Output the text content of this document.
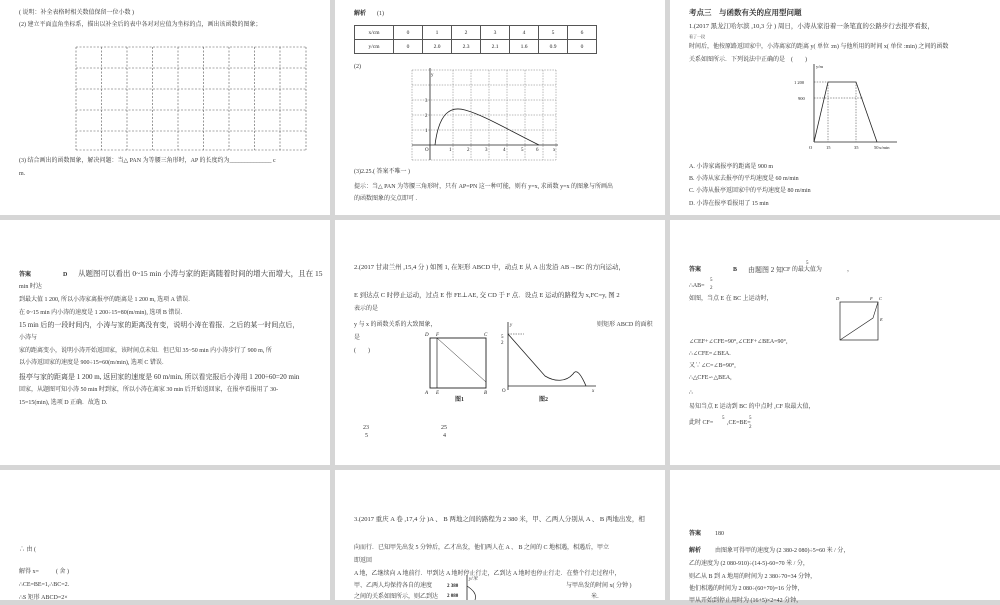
( 说明：补全表格时相关数值保留一位小数 )
(2) 建立平面直角坐标系，描出以补全后的表中各对对应值为坐标的点，画出该函数的图象；
(3) 结合画出的函数图象，解决问题：当△ PAN 为等腰三角形时，AP 的长度约为______________ c
m.
解析 (1)
x/cm	0	1	2	3	4	5	6
y/cm	0	2.0	2.3	2.1	1.6	0.9	0
(2)
y
x
O	1	2	3	4	5	6
1
2
3
(3)2.25.( 答案不唯一 )
提示：当△ PAN 为等腰三角形时，只有 AP=PN 这一种可能，则有 y=x, 求函数 y=x 的图象与所画出
的函数图象的交点即可 .
考点三　与函数有关的应用型问题
1.(2017 黑龙江哈尔滨 ,10,3 分 ) 周日，小涛从家沿着一条笔直的公路步行去报亭看报，
看了一段
时间后，他按原路返回家中，小涛离家的距离 y( 单位 :m) 与他所用的时间 x( 单位 :min) 之间的函数
关系如图所示．下列说法中正确的是　(　　)
y/m
x/min
1 200
900
O	15	35	50
A. 小涛家离报亭的距离是 900 m
B. 小涛从家去报亭的平均速度是 60 m/min
C. 小涛从报亭返回家中的平均速度是 80 m/min
D. 小涛在报亭看报用了 15 min
答案	D 从题图可以看出 0~15 min 小涛与家的距离随着时间的增大而增大，且在 15
min 时达
到最大值 1 200, 所以小涛家离报亭的距离是 1 200 m, 选项 A 错误．
在 0~15 min 内小涛的速度是 1 200÷15=80(m/min), 选项 B 错误．
15 min 后的一段时间内，小涛与家的距离没有变，说明小涛在看报．之后的某一时间点后，
小涛与
家的距离变小，说明小涛开始返回家，该时间点未知．但已知 35~50 min 内小涛步行了 900 m, 所
以小涛返回家的速度是 900÷15=60(m/min), 选项 C 错误．
报亭与家的距离是 1 200 m, 返回家的速度是 60 m/min, 所以看完报后小涛用 1 200÷60=20 min
回家，从题图可知小涛 50 min 时到家，所以小涛在离家 30 min 后开始返回家，在报亭看报用了 30-
15=15(min), 选项 D 正确．故选 D.
2.(2017 甘肃兰州 ,15,4 分 ) 如图 1, 在矩形 ABCD 中，动点 E 从 A 出发沿 AB→BC 的方向运动，
E 到达点 C 时停止运动，过点 E 作 FE⊥AE, 交 CD 于 F 点．设点 E 运动的路程为 x,FC=y, 图 2
表示的是
y 与 x 的函数关系的大致图象，	则矩形 ABCD 的面积
是
(　　)
D F	C
A E	B
图1
y
5
2
O	x
图2
23
5
25
4
答案	B 由题图 2 知
5
CF 的最大值为	，
∴AB=
5
2
如图，当点 E 在 BC 上运动时，	D	F C
E
∠CEF+∠CFE=90°,∠CEF+∠BEA=90°,
∴∠CFE=∠BEA.
又∵∠C=∠B=90°,
∴△CFE∽△BEA,
∴
易知当点 E 运动到 BC 的中点时 ,CF 取最大值，
此时 CF=
5
,CE=BE=
5
2
∴ 由 (
解得 x=	( 舍 )
∴CE=BE=1,∴BC=2.
∴S 矩形 ABCD=2×
3.(2017 重庆 A 卷 ,17,4 分 )A 、 B 两地之间的路程为 2 380 米，甲、乙两人分别从 A 、 B 两地出发，相
向而行．已知甲先出发 5 分钟后，乙才出发，他们两人在 A 、 B 之间的 C 地相遇，相遇后，甲立
即返回
A 地，乙继续向 A 地前行．甲到达 A 地时停止行走，乙到达 A 地时也停止行走．在整个行走过程中，
甲、乙两人均保持各自的速度	与甲出发的时间 x( 分钟 )
之间的关系如图所示，则乙到达	米．
y/米
2 380
2 080
答案 180
解析 由图象可得甲的速度为 (2 380-2 080)÷5=60 米 / 分，
乙的速度为 (2 080-910)÷(14-5)-60=70 米 / 分，
则乙从 B 到 A 地用的时间为 2 380÷70=34 分钟，
他们相遇的时间为 2 080÷(60+70)=16 分钟，
甲从开始到停止用时为 (16+5)×2=42 分钟，
